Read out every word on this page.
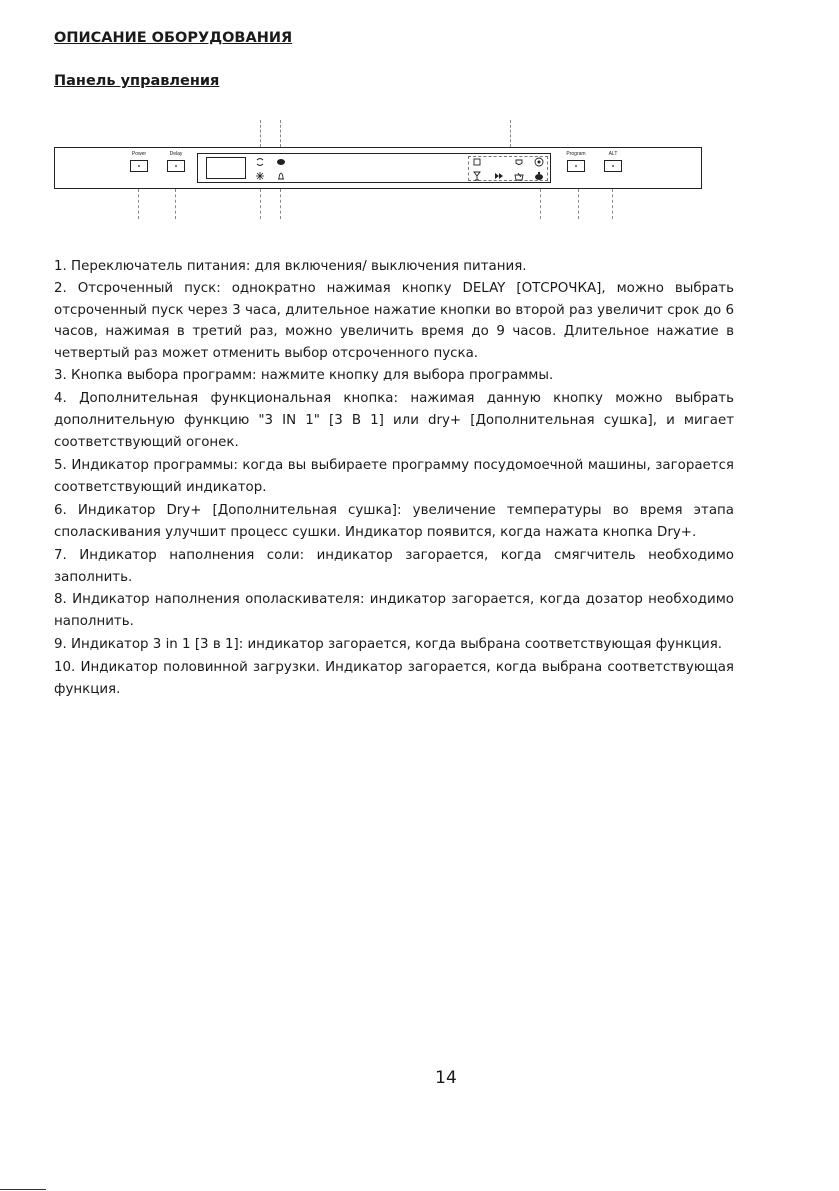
ОПИСАНИЕ ОБОРУДОВАНИЯ
Панель управления
Power	Delay	Program	ALT

1. Переключатель питания: для включения/ выключения питания.

2. Отсроченный пуск: однократно нажимая кнопку DELAY [ОТСРОЧКА], можно выбрать отсроченный пуск через 3 часа, длительное нажатие кнопки во второй раз увеличит срок до 6 часов, нажимая в третий раз, можно увеличить время до 9 часов. Длительное нажатие в четвертый раз может отменить выбор отсроченного пуска.

3. Кнопка выбора программ: нажмите кнопку для выбора программы.

4. Дополнительная функциональная кнопка: нажимая данную кнопку можно выбрать дополнительную функцию "3 IN 1" [3 В 1] или dry+ [Дополнительная сушка], и мигает соответствующий огонек.

5. Индикатор программы: когда вы выбираете программу посудомоечной машины, загорается соответствующий индикатор.

6. Индикатор Dry+ [Дополнительная сушка]: увеличение температуры во время этапа споласкивания улучшит процесс сушки. Индикатор появится, когда нажата кнопка Dry+.

7. Индикатор наполнения соли: индикатор загорается, когда смягчитель необходимо заполнить.

8. Индикатор наполнения ополаскивателя: индикатор загорается, когда дозатор необходимо наполнить.

9. Индикатор 3 in 1 [3 в 1]: индикатор загорается, когда выбрана соответствующая функция.

10. Индикатор половинной загрузки. Индикатор загорается, когда выбрана соответствующая функция.

14
